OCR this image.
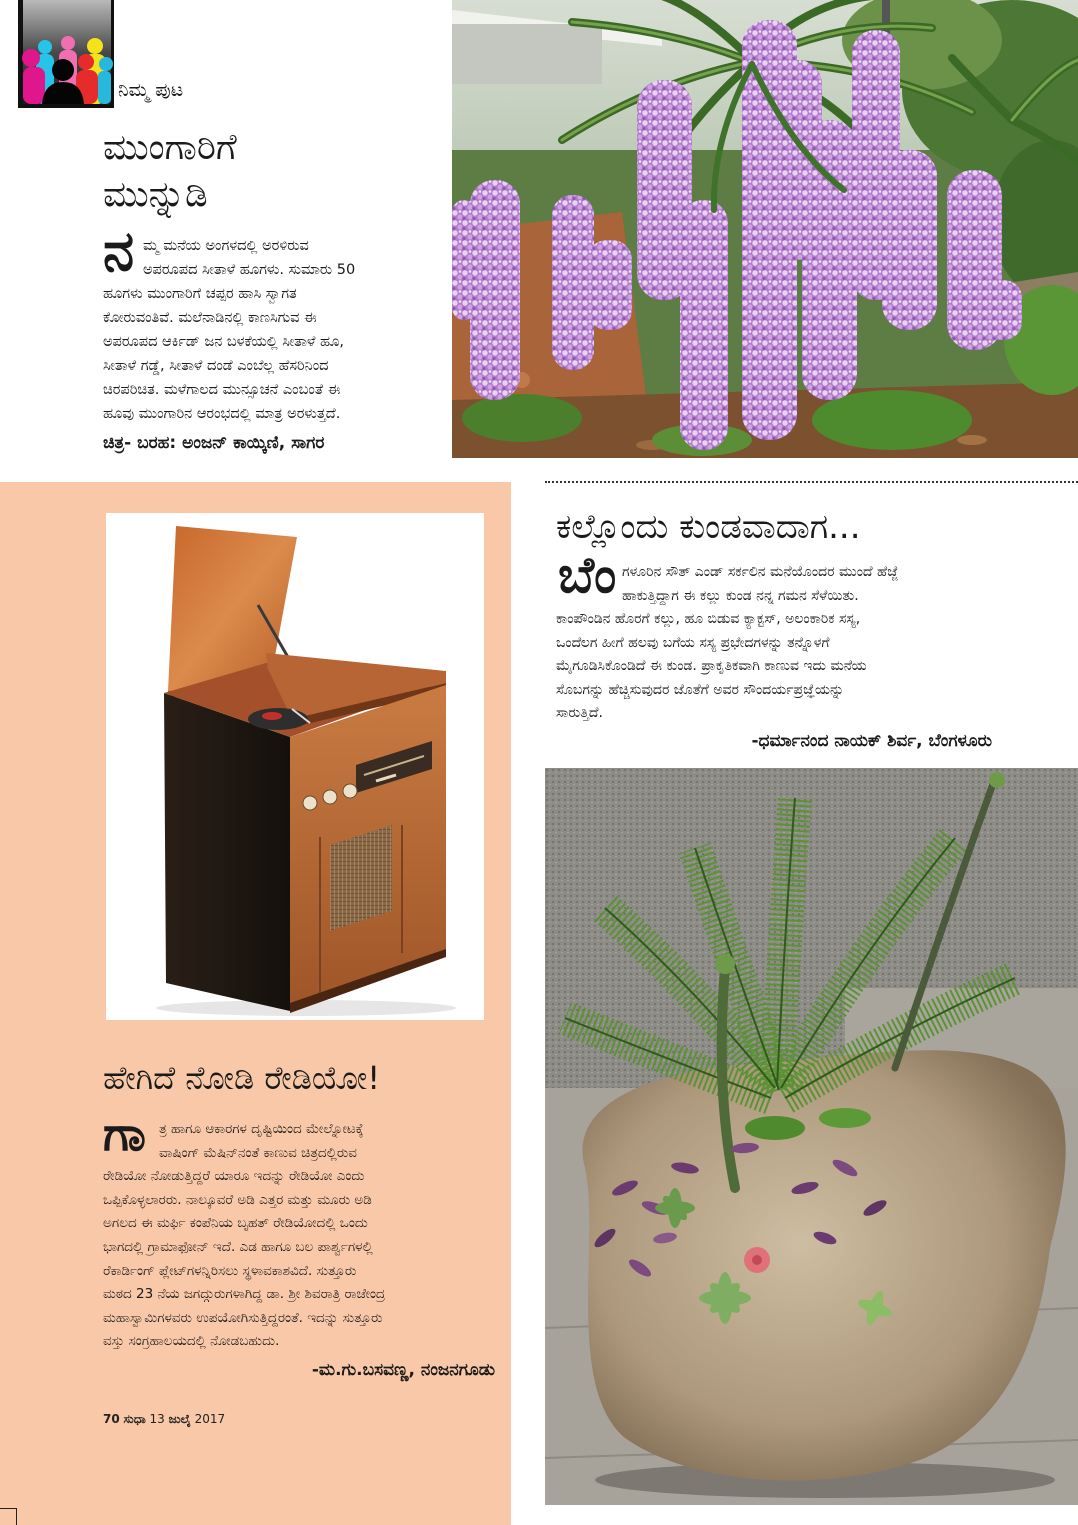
ನಿಮ್ಮ ಪುಟ
ಮುಂಗಾರಿಗೆ
ಮುನ್ನುಡಿ
ನ ಮ್ಮ ಮನೆಯ ಅಂಗಳದಲ್ಲಿ ಅರಳಿರುವ
ಅಪರೂಪದ ಸೀತಾಳೆ ಹೂಗಳು. ಸುಮಾರು 50
ಹೂಗಳು ಮುಂಗಾರಿಗೆ ಚಪ್ಪರ ಹಾಸಿ ಸ್ವಾಗತ
ಕೋರುವಂತಿವೆ. ಮಲೆನಾಡಿನಲ್ಲಿ ಕಾಣಸಿಗುವ ಈ
ಅಪರೂಪದ ಆರ್ಕಿಡ್ ಜನ ಬಳಕೆಯಲ್ಲಿ ಸೀತಾಳೆ ಹೂ,
ಸೀತಾಳೆ ಗಡ್ಡೆ, ಸೀತಾಳೆ ದಂಡೆ ಎಂಬೆಲ್ಲ ಹೆಸರಿನಿಂದ
ಚಿರಪರಿಚಿತ. ಮಳೆಗಾಲದ ಮುನ್ಸೂಚನೆ ಎಂಬಂತೆ ಈ
ಹೂವು ಮುಂಗಾರಿನ ಆರಂಭದಲ್ಲಿ ಮಾತ್ರ ಅರಳುತ್ತದೆ.
ಚಿತ್ರ- ಬರಹ: ಅಂಜನ್ ಕಾಯ್ಕಿಣಿ, ಸಾಗರ
ಹೇಗಿದೆ ನೋಡಿ ರೇಡಿಯೋ!
ಗಾ ತ್ರ ಹಾಗೂ ಆಕಾರಗಳ ದೃಷ್ಟಿಯಿಂದ ಮೇಲ್ನೋಟಕ್ಕೆ
ವಾಷಿಂಗ್ ಮೆಷಿನ್‌ನಂತೆ ಕಾಣುವ ಚಿತ್ರದಲ್ಲಿರುವ
ರೇಡಿಯೋ ನೋಡುತ್ತಿದ್ದರೆ ಯಾರೂ ಇದನ್ನು ರೇಡಿಯೋ ಎಂದು
ಒಪ್ಪಿಕೊಳ್ಳಲಾರರು. ನಾಲ್ಕೂವರೆ ಅಡಿ ಎತ್ತರ ಮತ್ತು ಮೂರು ಅಡಿ
ಅಗಲದ ಈ ಮರ್ಫಿ ಕಂಪೆನಿಯ ಬೃಹತ್ ರೇಡಿಯೋದಲ್ಲಿ ಒಂದು
ಭಾಗದಲ್ಲಿ ಗ್ರಾಮಾಫೋನ್ ಇದೆ. ಎಡ ಹಾಗೂ ಬಲ ಪಾರ್ಶ್ವಗಳಲ್ಲಿ
ರೆಕಾರ್ಡಿಂಗ್ ಪ್ಲೇಟ್‌ಗಳನ್ನಿರಿಸಲು ಸ್ಥಳಾವಕಾಶವಿದೆ. ಸುತ್ತೂರು
ಮಠದ 23 ನೆಯ ಜಗದ್ಗುರುಗಳಾಗಿದ್ದ ಡಾ. ಶ್ರೀ ಶಿವರಾತ್ರಿ ರಾಜೇಂದ್ರ
ಮಹಾಸ್ವಾಮಿಗಳವರು ಉಪಯೋಗಿಸುತ್ತಿದ್ದರಂತೆ. ಇದನ್ನು ಸುತ್ತೂರು
ವಸ್ತು ಸಂಗ್ರಹಾಲಯದಲ್ಲಿ ನೋಡಬಹುದು.
-ಮ.ಗು.ಬಸವಣ್ಣ, ನಂಜನಗೂಡು
70 ಸುಧಾ 13 ಜುಲೈ 2017
ಕಲ್ಲೊಂದು ಕುಂಡವಾದಾಗ...
ಬೆಂ ಗಳೂರಿನ ಸೌತ್ ಎಂಡ್ ಸರ್ಕಲಿನ ಮನೆಯೊಂದರ ಮುಂದೆ ಹೆಜ್ಜೆ
ಹಾಕುತ್ತಿದ್ದಾಗ ಈ ಕಲ್ಲು ಕುಂಡ ನನ್ನ ಗಮನ ಸೆಳೆಯಿತು.
ಕಾಂಪೌಂಡಿನ ಹೊರಗೆ ಕಲ್ಲು, ಹೂ ಬಿಡುವ ಕ್ಯಾಕ್ಟಸ್, ಅಲಂಕಾರಿಕ ಸಸ್ಯ,
ಒಂದೆಲಗ ಹೀಗೆ ಹಲವು ಬಗೆಯ ಸಸ್ಯ ಪ್ರಭೇದಗಳನ್ನು ತನ್ನೊಳಗೆ
ಮೈಗೂಡಿಸಿಕೊಂಡಿದೆ ಈ ಕುಂಡ. ಪ್ರಾಕೃತಿಕವಾಗಿ ಕಾಣುವ ಇದು ಮನೆಯ
ಸೊಬಗನ್ನು ಹೆಚ್ಚಿಸುವುದರ ಜೊತೆಗೆ ಅವರ ಸೌಂದರ್ಯಪ್ರಜ್ಞೆಯನ್ನು
ಸಾರುತ್ತಿದೆ.
-ಧರ್ಮಾನಂದ ನಾಯಕ್ ಶಿರ್ವ, ಬೆಂಗಳೂರು
